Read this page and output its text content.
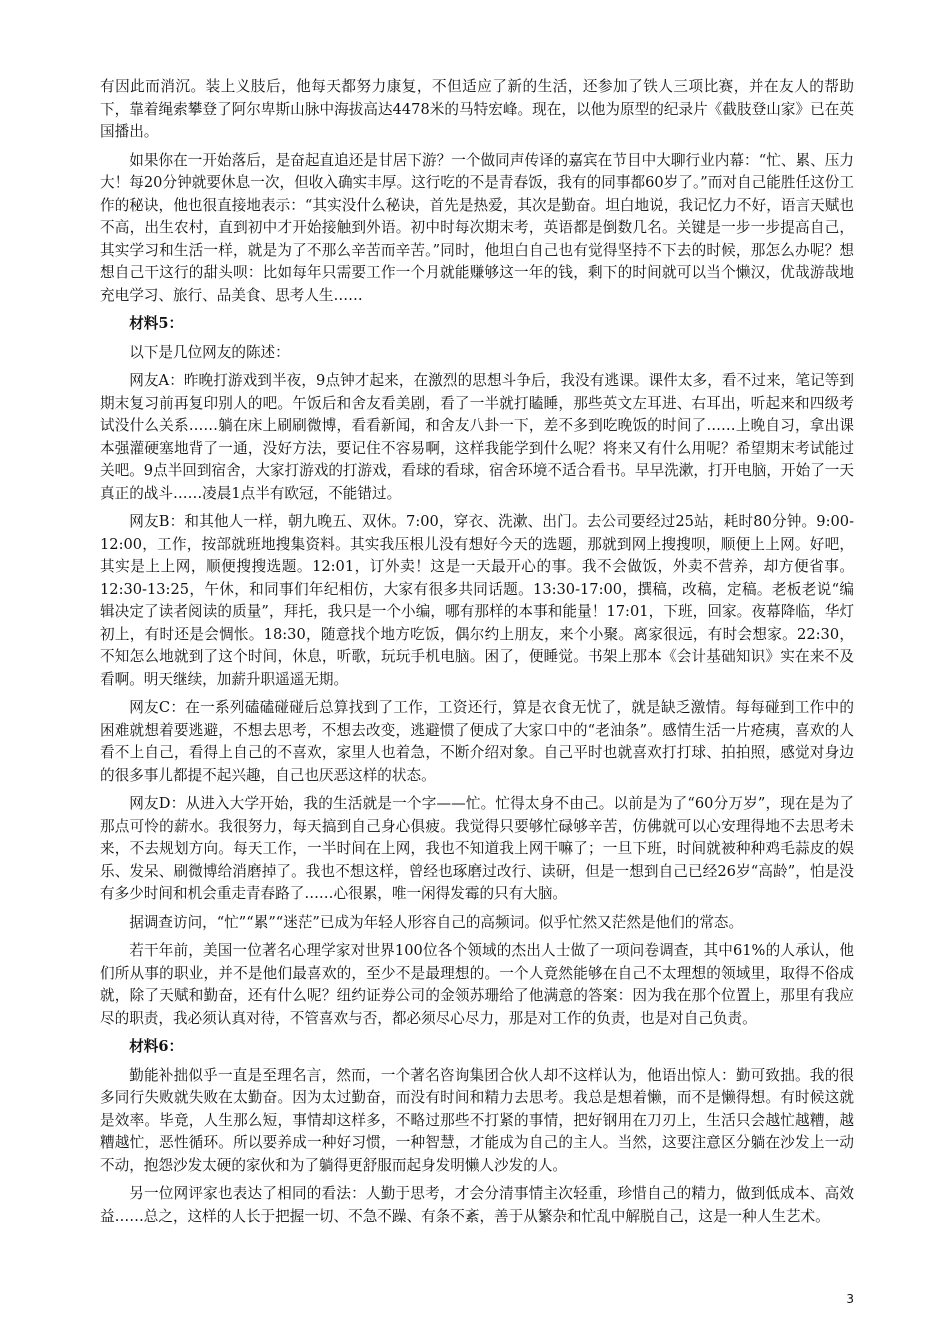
有因此而消沉。装上义肢后，他每天都努力康复，不但适应了新的生活，还参加了铁人三项比赛，并在友人的帮助下，靠着绳索攀登了阿尔卑斯山脉中海拔高达4478米的马特宏峰。现在，以他为原型的纪录片《截肢登山家》已在英国播出。

如果你在一开始落后，是奋起直追还是甘居下游？一个做同声传译的嘉宾在节目中大聊行业内幕：“忙、累、压力大！每20分钟就要休息一次，但收入确实丰厚。这行吃的不是青春饭，我有的同事都60岁了。”而对自己能胜任这份工作的秘诀，他也很直接地表示：“其实没什么秘诀，首先是热爱，其次是勤奋。坦白地说，我记忆力不好，语言天赋也不高，出生农村，直到初中才开始接触到外语。初中时每次期末考，英语都是倒数几名。关键是一步一步提高自己，其实学习和生活一样，就是为了不那么辛苦而辛苦。”同时，他坦白自己也有觉得坚持不下去的时候，那怎么办呢？想想自己干这行的甜头呗：比如每年只需要工作一个月就能赚够这一年的钱，剩下的时间就可以当个懒汉，优哉游哉地充电学习、旅行、品美食、思考人生……

材料5：

以下是几位网友的陈述：

网友A：昨晚打游戏到半夜，9点钟才起来，在激烈的思想斗争后，我没有逃课。课件太多，看不过来，笔记等到期末复习前再复印别人的吧。午饭后和舍友看美剧，看了一半就打瞌睡，那些英文左耳进、右耳出，听起来和四级考试没什么关系……躺在床上刷刷微博，看看新闻，和舍友八卦一下，差不多到吃晚饭的时间了……上晚自习，拿出课本强灌硬塞地背了一通，没好方法，要记住不容易啊，这样我能学到什么呢？将来又有什么用呢？希望期末考试能过关吧。9点半回到宿舍，大家打游戏的打游戏，看球的看球，宿舍环境不适合看书。早早洗漱，打开电脑，开始了一天真正的战斗……凌晨1点半有欧冠，不能错过。

网友B：和其他人一样，朝九晚五、双休。7:00，穿衣、洗漱、出门。去公司要经过25站，耗时80分钟。9:00-12:00，工作，按部就班地搜集资料。其实我压根儿没有想好今天的选题，那就到网上搜搜呗，顺便上上网。好吧，其实是上上网，顺便搜搜选题。12:01，订外卖！这是一天最开心的事。我不会做饭，外卖不营养，却方便省事。12:30-13:25，午休，和同事们年纪相仿，大家有很多共同话题。13:30-17:00，撰稿，改稿，定稿。老板老说“编辑决定了读者阅读的质量”，拜托，我只是一个小编，哪有那样的本事和能量！17:01，下班，回家。夜幕降临，华灯初上，有时还是会惆怅。18:30，随意找个地方吃饭，偶尔约上朋友，来个小聚。离家很远，有时会想家。22:30，不知怎么地就到了这个时间，休息，听歌，玩玩手机电脑。困了，便睡觉。书架上那本《会计基础知识》实在来不及看啊。明天继续，加薪升职遥遥无期。

网友C：在一系列磕磕碰碰后总算找到了工作，工资还行，算是衣食无忧了，就是缺乏激情。每每碰到工作中的困难就想着要逃避，不想去思考，不想去改变，逃避惯了便成了大家口中的“老油条”。感情生活一片疮痍，喜欢的人看不上自己，看得上自己的不喜欢，家里人也着急，不断介绍对象。自己平时也就喜欢打打球、拍拍照，感觉对身边的很多事儿都提不起兴趣，自己也厌恶这样的状态。

网友D：从进入大学开始，我的生活就是一个字——忙。忙得太身不由己。以前是为了“60分万岁”，现在是为了那点可怜的薪水。我很努力，每天搞到自己身心俱疲。我觉得只要够忙碌够辛苦，仿佛就可以心安理得地不去思考未来，不去规划方向。每天工作，一半时间在上网，我也不知道我上网干嘛了；一旦下班，时间就被种种鸡毛蒜皮的娱乐、发呆、刷微博给消磨掉了。我也不想这样，曾经也琢磨过改行、读研，但是一想到自己已经26岁“高龄”，怕是没有多少时间和机会重走青春路了……心很累，唯一闲得发霉的只有大脑。

据调查访问，“忙”“累”“迷茫”已成为年轻人形容自己的高频词。似乎忙然又茫然是他们的常态。

若干年前，美国一位著名心理学家对世界100位各个领域的杰出人士做了一项问卷调查，其中61%的人承认，他们所从事的职业，并不是他们最喜欢的，至少不是最理想的。一个人竟然能够在自己不太理想的领域里，取得不俗成就，除了天赋和勤奋，还有什么呢？纽约证券公司的金领苏珊给了他满意的答案：因为我在那个位置上，那里有我应尽的职责，我必须认真对待，不管喜欢与否，都必须尽心尽力，那是对工作的负责，也是对自己负责。

材料6：

勤能补拙似乎一直是至理名言，然而，一个著名咨询集团合伙人却不这样认为，他语出惊人：勤可致拙。我的很多同行失败就失败在太勤奋。因为太过勤奋，而没有时间和精力去思考。我总是想着懒，而不是懒得想。有时候这就是效率。毕竟，人生那么短，事情却这样多，不略过那些不打紧的事情，把好钢用在刀刃上，生活只会越忙越糟，越糟越忙，恶性循环。所以要养成一种好习惯，一种智慧，才能成为自己的主人。当然，这要注意区分躺在沙发上一动不动，抱怨沙发太硬的家伙和为了躺得更舒服而起身发明懒人沙发的人。

另一位网评家也表达了相同的看法：人勤于思考，才会分清事情主次轻重，珍惜自己的精力，做到低成本、高效益……总之，这样的人长于把握一切、不急不躁、有条不紊，善于从繁杂和忙乱中解脱自己，这是一种人生艺术。

3
